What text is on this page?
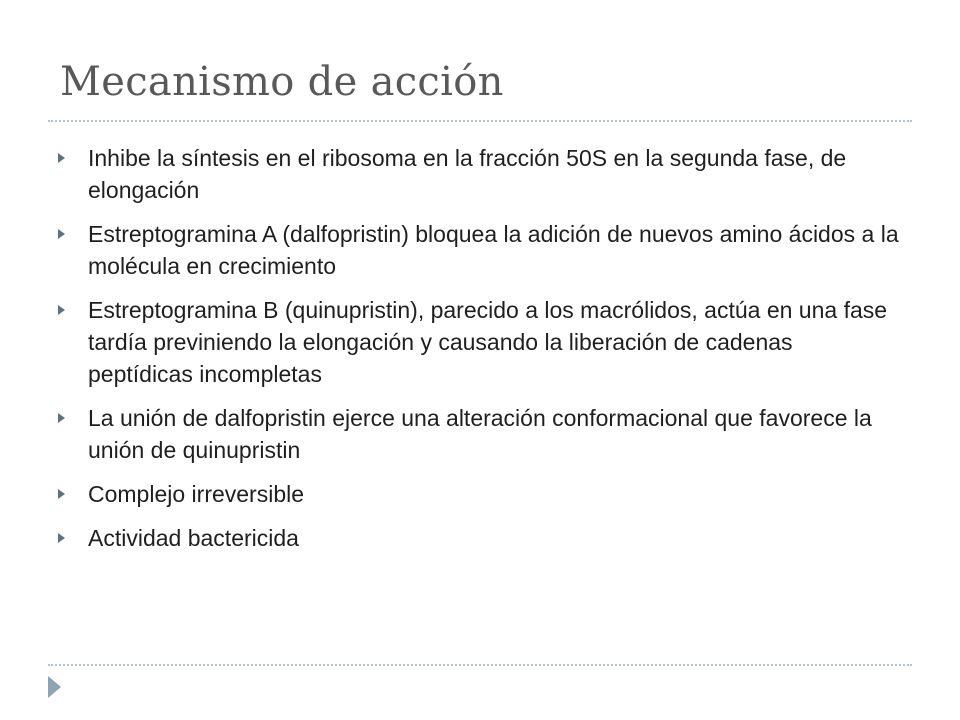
Mecanismo de acción
Inhibe la síntesis en el ribosoma en la fracción 50S en la segunda fase, de elongación
Estreptogramina A (dalfopristin) bloquea la adición de nuevos amino ácidos a la molécula en crecimiento
Estreptogramina B (quinupristin), parecido a los macrólidos, actúa en una fase tardía previniendo la elongación y causando la liberación de cadenas peptídicas incompletas
La unión de dalfopristin ejerce una alteración conformacional que favorece la unión de quinupristin
Complejo irreversible
Actividad bactericida
